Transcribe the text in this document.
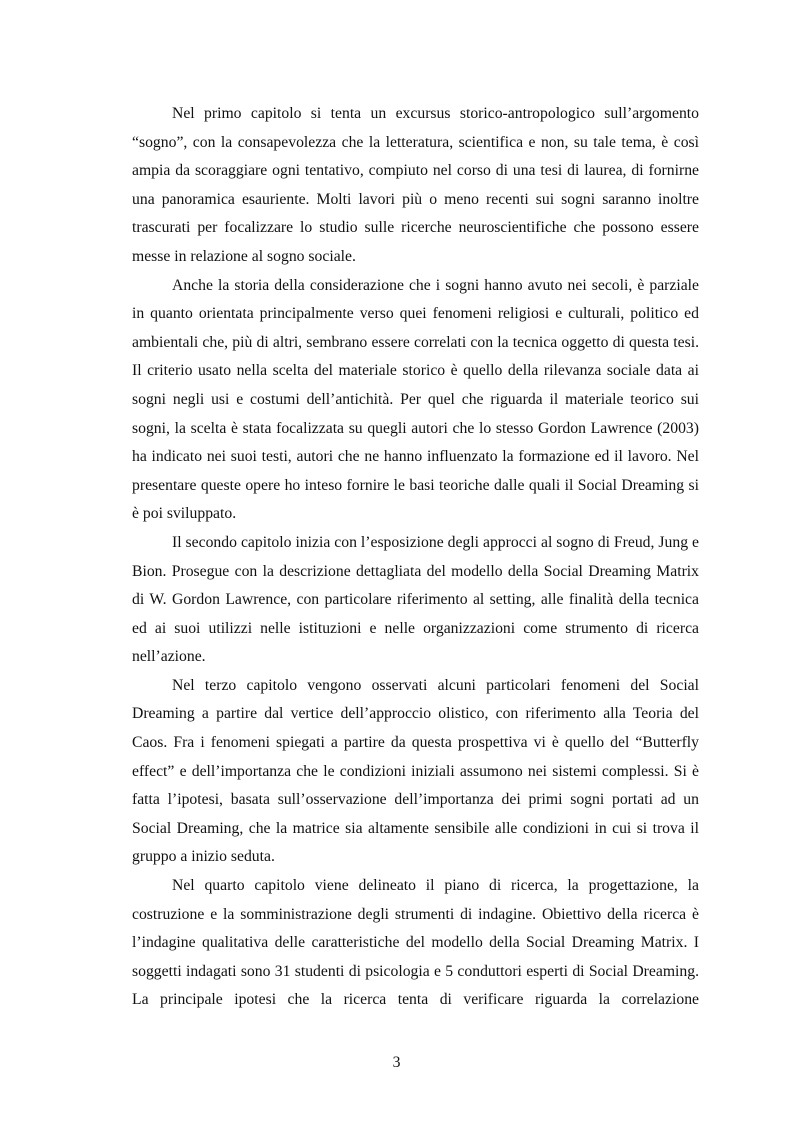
Nel primo capitolo si tenta un excursus storico-antropologico sull’argomento “sogno”, con la consapevolezza che la letteratura, scientifica e non, su tale tema, è così ampia da scoraggiare ogni tentativo, compiuto nel corso di una tesi di laurea, di fornirne una panoramica esauriente. Molti lavori più o meno recenti sui sogni saranno inoltre trascurati per focalizzare lo studio sulle ricerche neuroscientifiche che possono essere messe in relazione al sogno sociale.

Anche la storia della considerazione che i sogni hanno avuto nei secoli, è parziale in quanto orientata principalmente verso quei fenomeni religiosi e culturali, politico ed ambientali che, più di altri, sembrano essere correlati con la tecnica oggetto di questa tesi. Il criterio usato nella scelta del materiale storico è quello della rilevanza sociale data ai sogni negli usi e costumi dell’antichità. Per quel che riguarda il materiale teorico sui sogni, la scelta è stata focalizzata su quegli autori che lo stesso Gordon Lawrence (2003) ha indicato nei suoi testi, autori che ne hanno influenzato la formazione ed il lavoro. Nel presentare queste opere ho inteso fornire le basi teoriche dalle quali il Social Dreaming si è poi sviluppato.

Il secondo capitolo inizia con l’esposizione degli approcci al sogno di Freud, Jung e Bion. Prosegue con la descrizione dettagliata del modello della Social Dreaming Matrix di W. Gordon Lawrence, con particolare riferimento al setting, alle finalità della tecnica ed ai suoi utilizzi nelle istituzioni e nelle organizzazioni come strumento di ricerca nell’azione.

Nel terzo capitolo vengono osservati alcuni particolari fenomeni del Social Dreaming a partire dal vertice dell’approccio olistico, con riferimento alla Teoria del Caos. Fra i fenomeni spiegati a partire da questa prospettiva vi è quello del “Butterfly effect” e dell’importanza che le condizioni iniziali assumono nei sistemi complessi. Si è fatta l’ipotesi, basata sull’osservazione dell’importanza dei primi sogni portati ad un Social Dreaming, che la matrice sia altamente sensibile alle condizioni in cui si trova il gruppo a inizio seduta.

Nel quarto capitolo viene delineato il piano di ricerca, la progettazione, la costruzione e la somministrazione degli strumenti di indagine. Obiettivo della ricerca è l’indagine qualitativa delle caratteristiche del modello della Social Dreaming Matrix. I soggetti indagati sono 31 studenti di psicologia e 5 conduttori esperti di Social Dreaming. La principale ipotesi che la ricerca tenta di verificare riguarda la correlazione

3
